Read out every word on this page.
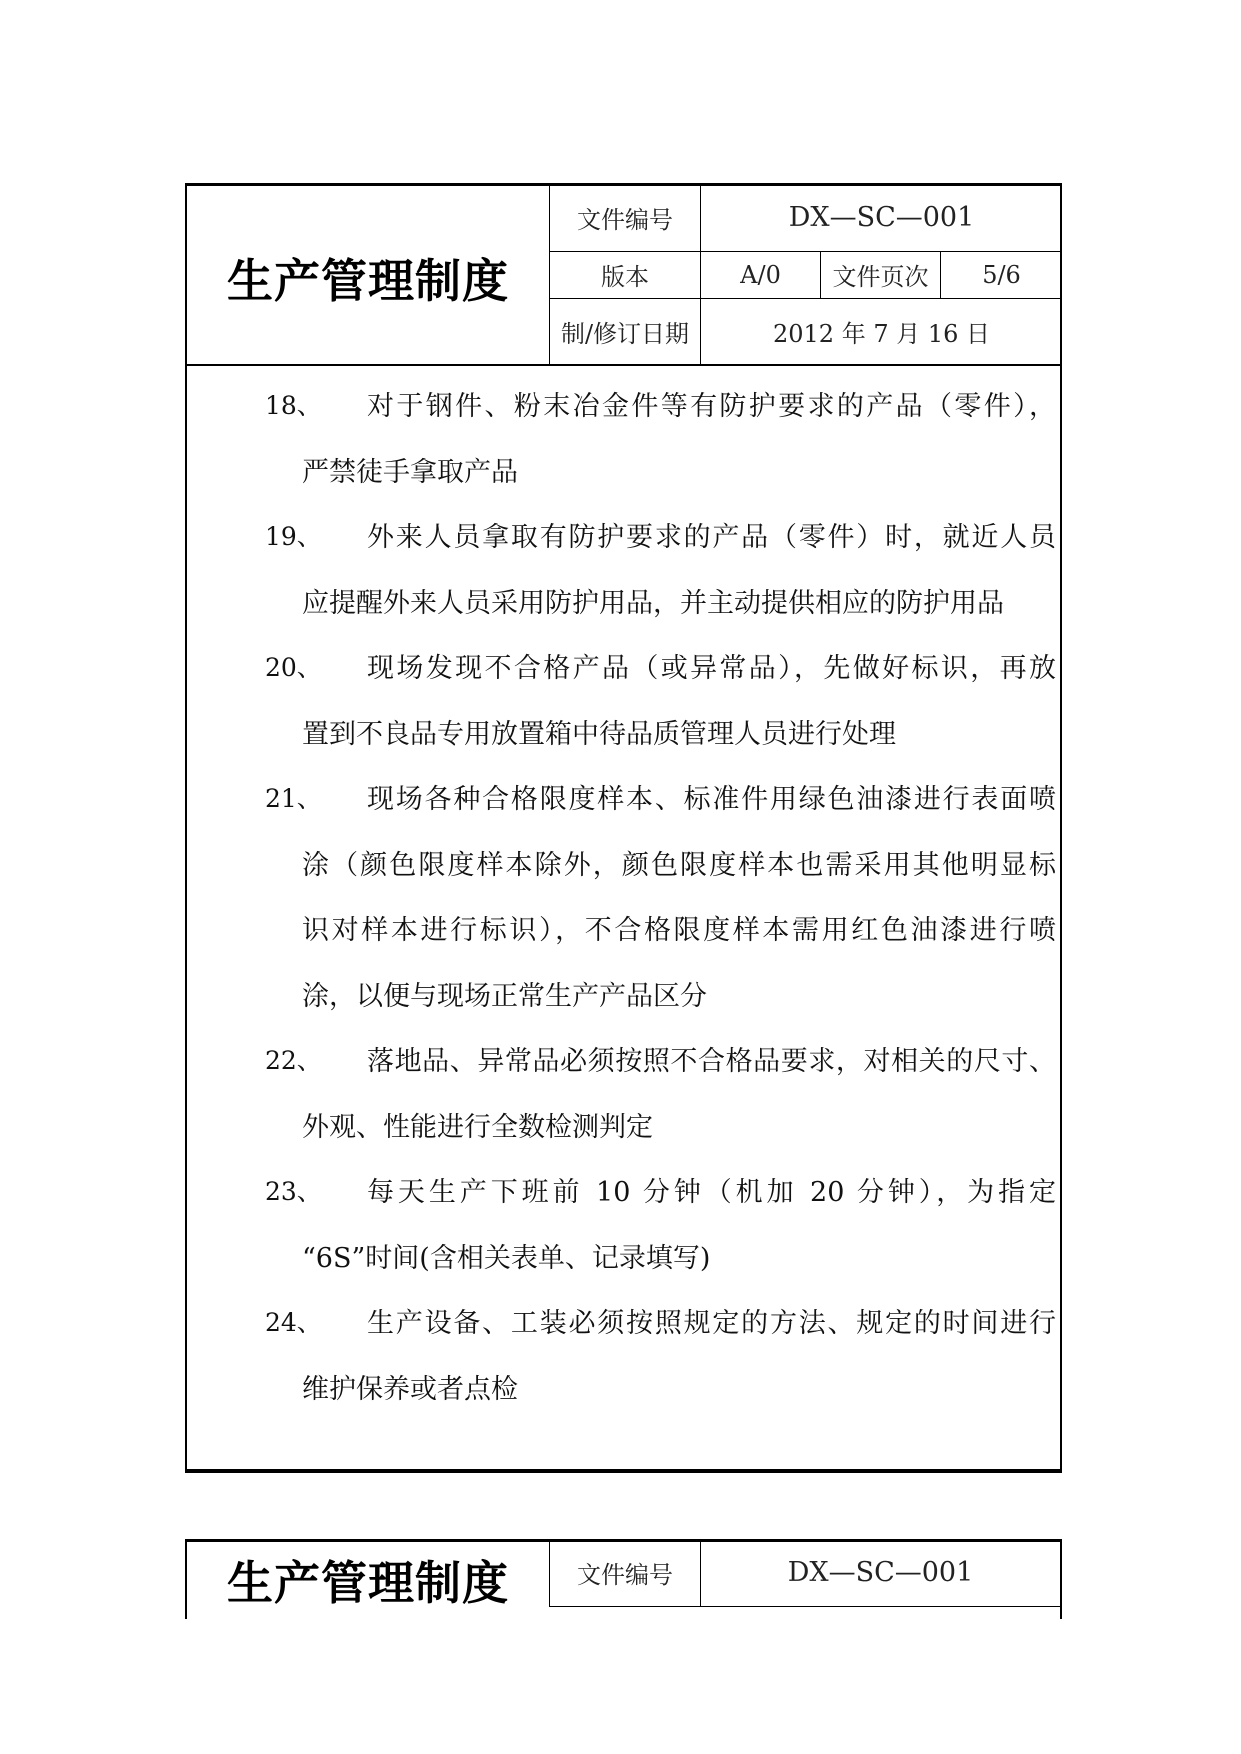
生产管理制度
文件编号	DX—SC—001
版本	A/0	文件页次	5/6
制/修订日期	2012 年 7 月 16 日
18、 对于钢件、粉末冶金件等有防护要求的产品（零件），
严禁徒手拿取产品
19、 外来人员拿取有防护要求的产品（零件）时，就近人员
应提醒外来人员采用防护用品，并主动提供相应的防护用品
20、 现场发现不合格产品（或异常品），先做好标识，再放
置到不良品专用放置箱中待品质管理人员进行处理
21、 现场各种合格限度样本、标准件用绿色油漆进行表面喷
涂（颜色限度样本除外，颜色限度样本也需采用其他明显标
识对样本进行标识），不合格限度样本需用红色油漆进行喷
涂，以便与现场正常生产产品区分
22、 落地品、异常品必须按照不合格品要求，对相关的尺寸、
外观、性能进行全数检测判定
23、 每天生产下班前 10 分钟（机加 20 分钟），为指定
“6S”时间(含相关表单、记录填写)
24、 生产设备、工装必须按照规定的方法、规定的时间进行
维护保养或者点检
生产管理制度	文件编号	DX—SC—001
